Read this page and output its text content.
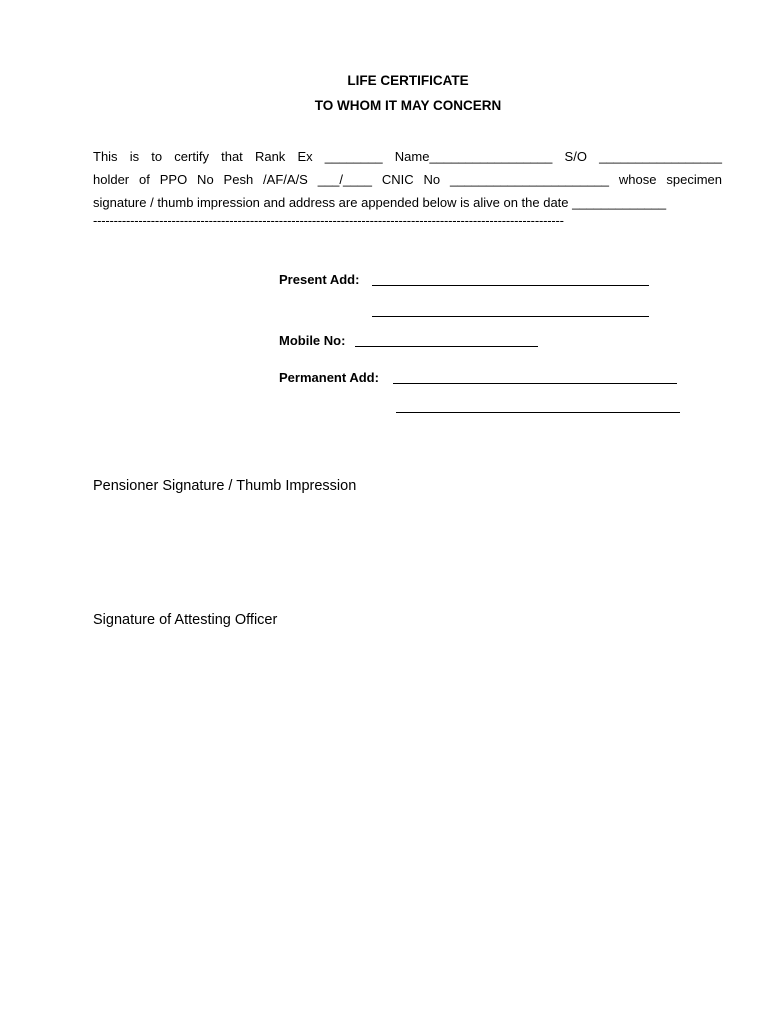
LIFE CERTIFICATE
TO WHOM IT MAY CONCERN
This is to certify that Rank Ex ________ Name_________________ S/O _________________
holder of PPO No Pesh /AF/A/S ___/____ CNIC No ______________________ whose specimen
signature / thumb impression and address are appended below is alive on the date _____________
------------------------------------------------------------------------------------------------------------------
Present Add:
Mobile No:
Permanent Add:
Pensioner Signature / Thumb Impression
Signature of Attesting Officer
